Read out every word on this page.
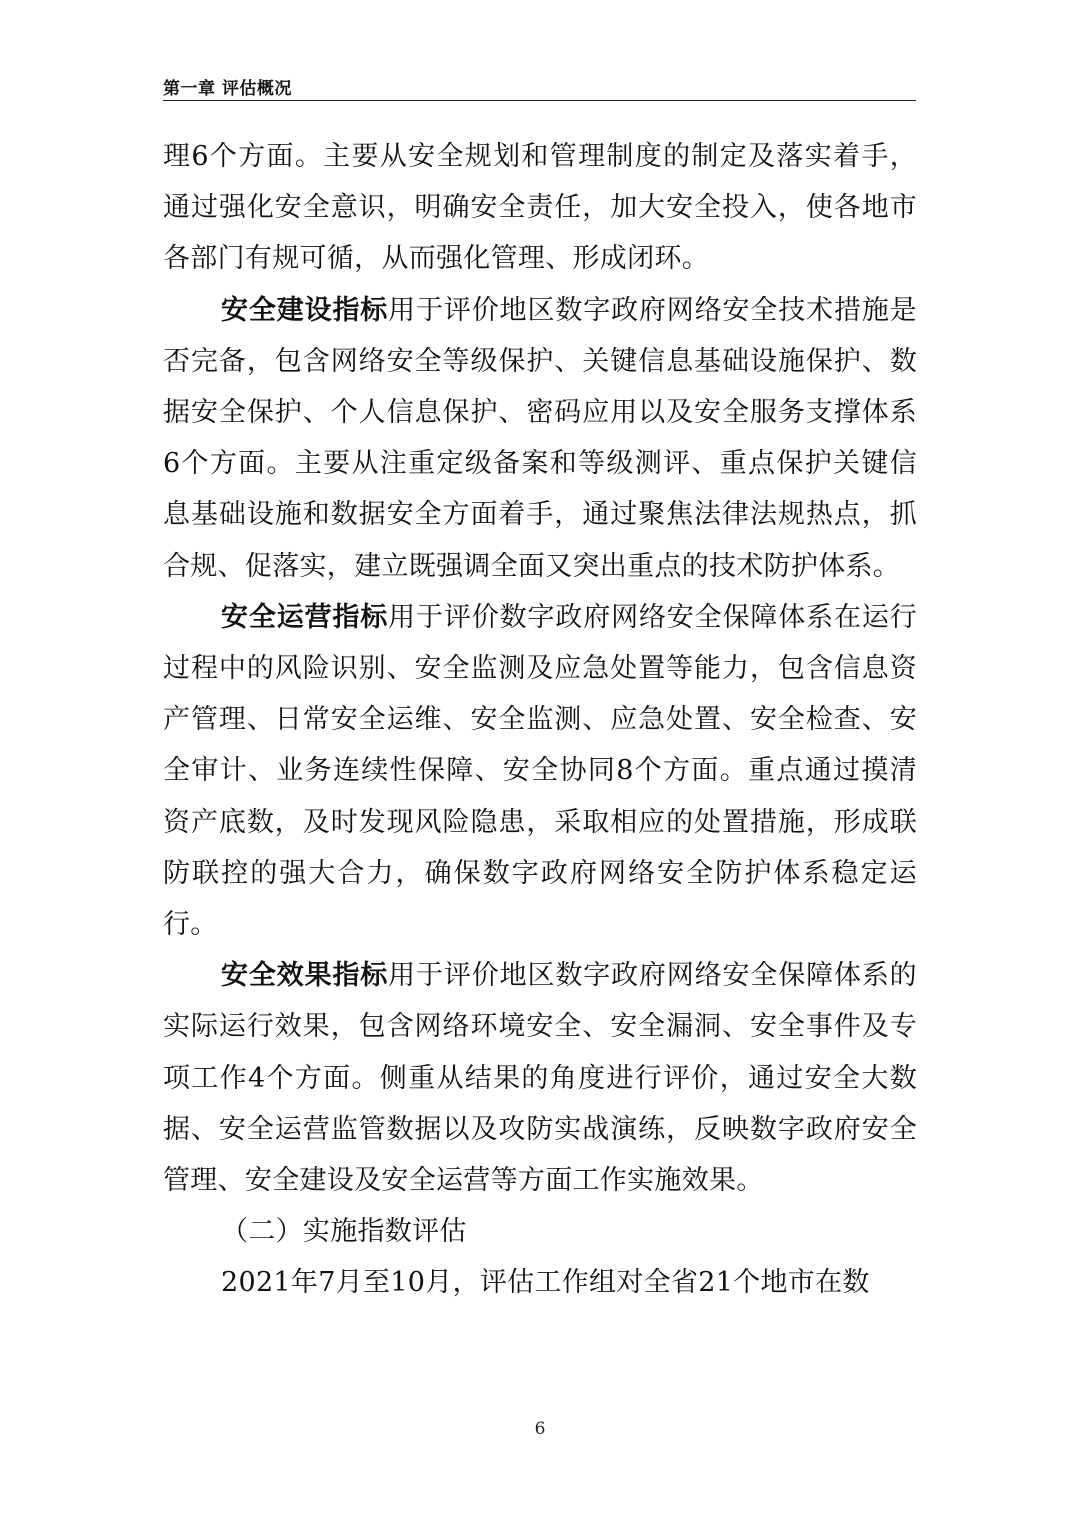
第一章 评估概况

理6个方面。主要从安全规划和管理制度的制定及落实着手，通过强化安全意识，明确安全责任，加大安全投入，使各地市各部门有规可循，从而强化管理、形成闭环。

安全建设指标用于评价地区数字政府网络安全技术措施是否完备，包含网络安全等级保护、关键信息基础设施保护、数据安全保护、个人信息保护、密码应用以及安全服务支撑体系6个方面。主要从注重定级备案和等级测评、重点保护关键信息基础设施和数据安全方面着手，通过聚焦法律法规热点，抓合规、促落实，建立既强调全面又突出重点的技术防护体系。

安全运营指标用于评价数字政府网络安全保障体系在运行过程中的风险识别、安全监测及应急处置等能力，包含信息资产管理、日常安全运维、安全监测、应急处置、安全检查、安全审计、业务连续性保障、安全协同8个方面。重点通过摸清资产底数，及时发现风险隐患，采取相应的处置措施，形成联防联控的强大合力，确保数字政府网络安全防护体系稳定运行。

安全效果指标用于评价地区数字政府网络安全保障体系的实际运行效果，包含网络环境安全、安全漏洞、安全事件及专项工作4个方面。侧重从结果的角度进行评价，通过安全大数据、安全运营监管数据以及攻防实战演练，反映数字政府安全管理、安全建设及安全运营等方面工作实施效果。

（二）实施指数评估

2021年7月至10月，评估工作组对全省21个地市在数

6
